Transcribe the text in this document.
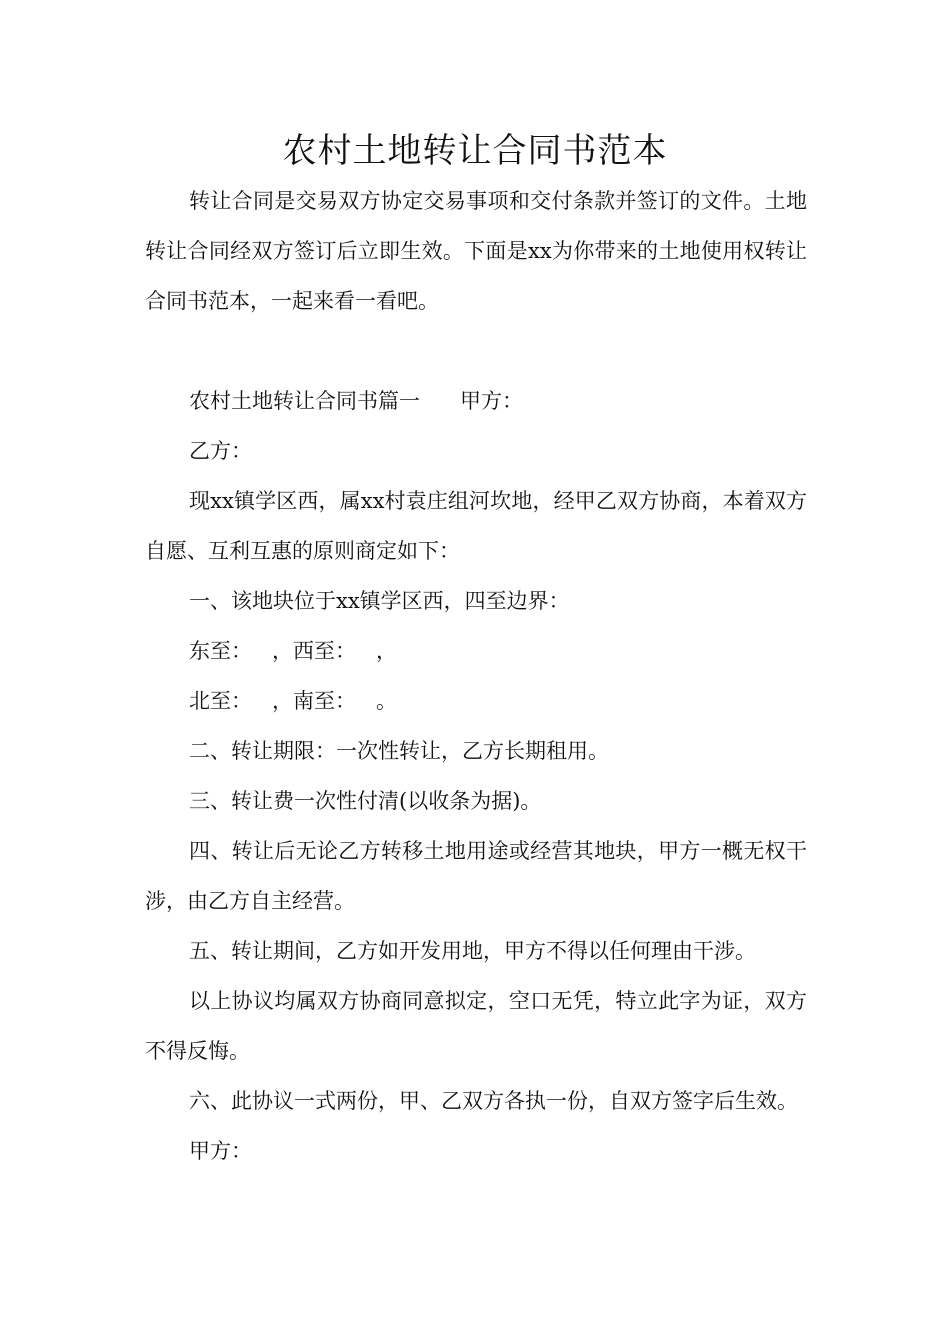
农村土地转让合同书范本

转让合同是交易双方协定交易事项和交付条款并签订的文件。土地转让合同经双方签订后立即生效。下面是xx为你带来的土地使用权转让合同书范本，一起来看一看吧。

农村土地转让合同书篇一 甲方：

乙方：

现xx镇学区西，属xx村袁庄组河坎地，经甲乙双方协商，本着双方自愿、互利互惠的原则商定如下：

一、该地块位于xx镇学区西，四至边界：

东至：   ，西至：   ，

北至：   ，南至：   。

二、转让期限：一次性转让，乙方长期租用。

三、转让费一次性付清(以收条为据)。

四、转让后无论乙方转移土地用途或经营其地块，甲方一概无权干涉，由乙方自主经营。

五、转让期间，乙方如开发用地，甲方不得以任何理由干涉。

以上协议均属双方协商同意拟定，空口无凭，特立此字为证，双方不得反悔。

六、此协议一式两份，甲、乙双方各执一份，自双方签字后生效。

甲方：
